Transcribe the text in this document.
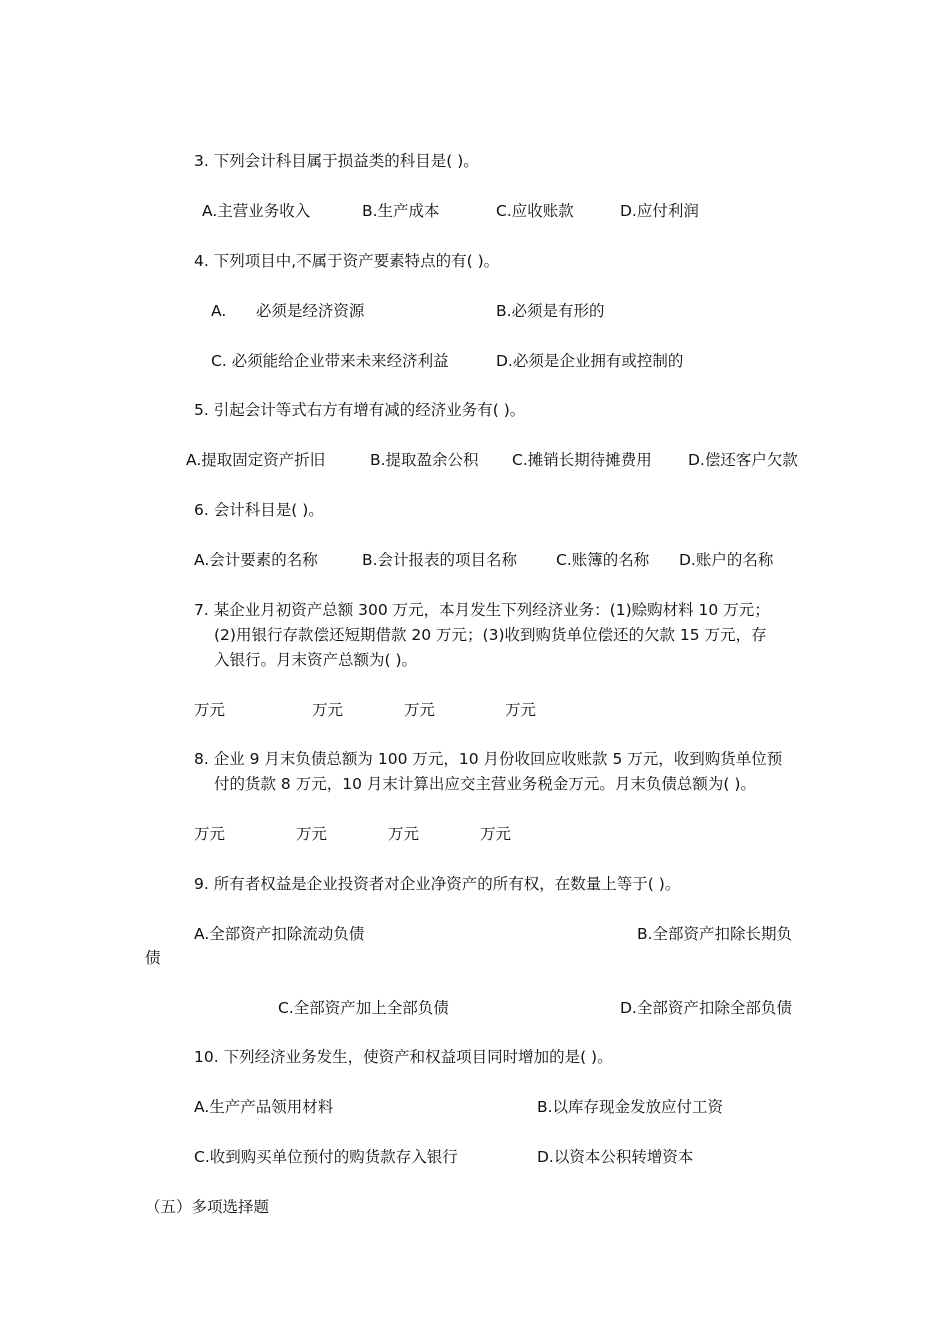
3. 下列会计科目属于损益类的科目是( )。
A.主营业务收入	B.生产成本	C.应收账款	D.应付利润
4. 下列项目中,不属于资产要素特点的有( )。
A.      必须是经济资源	B.必须是有形的
C. 必须能给企业带来未来经济利益	D.必须是企业拥有或控制的
5. 引起会计等式右方有增有减的经济业务有( )。
A.提取固定资产折旧	B.提取盈余公积 C.摊销长期待摊费用 D.偿还客户欠款
6. 会计科目是( )。
A.会计要素的名称	B.会计报表的项目名称	C.账簿的名称 D.账户的名称
7. 某企业月初资产总额 300 万元，本月发生下列经济业务：(1)赊购材料 10 万元；
(2)用银行存款偿还短期借款 20 万元；(3)收到购货单位偿还的欠款 15 万元，存
入银行。月末资产总额为( )。
万元	万元	万元	万元
8. 企业 9 月末负债总额为 100 万元，10 月份收回应收账款 5 万元，收到购货单位预
付的货款 8 万元，10 月末计算出应交主营业务税金万元。月末负债总额为( )。
万元	万元	万元	万元
9. 所有者权益是企业投资者对企业净资产的所有权，在数量上等于( )。
A.全部资产扣除流动负债	B.全部资产扣除长期负
债
C.全部资产加上全部负债	D.全部资产扣除全部负债
10. 下列经济业务发生，使资产和权益项目同时增加的是( )。
A.生产产品领用材料	B.以库存现金发放应付工资
C.收到购买单位预付的购货款存入银行	D.以资本公积转增资本
（五）多项选择题
